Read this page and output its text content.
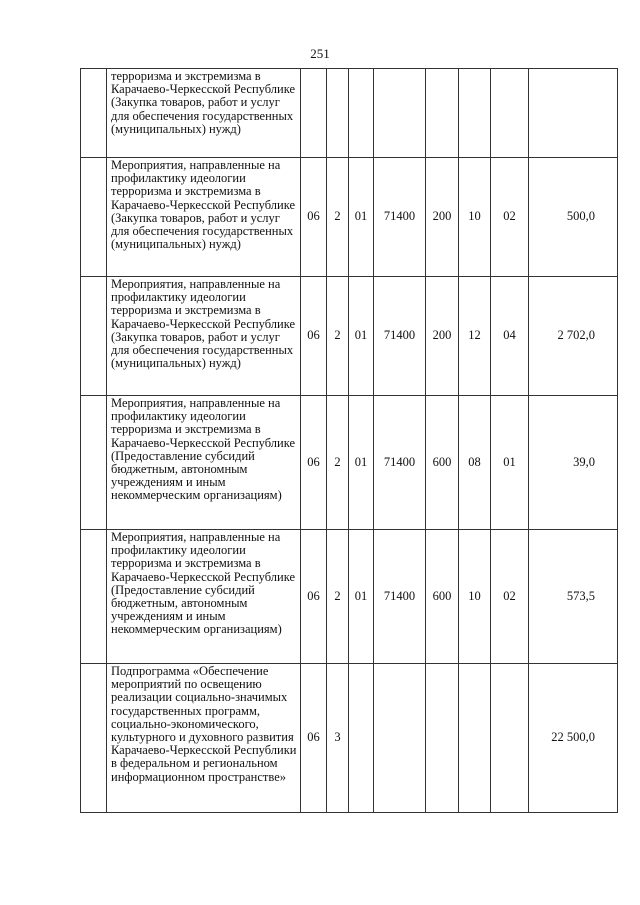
251
	терроризма и экстремизма в Карачаево-Черкесской Республике (Закупка товаров, работ и услуг для обеспечения государственных (муниципальных) нужд)								
	Мероприятия, направленные на профилактику идеологии терроризма и экстремизма в Карачаево-Черкесской Республике (Закупка товаров, работ и услуг для обеспечения государственных (муниципальных) нужд)	06	2	01	71400	200	10	02	500,0
	Мероприятия, направленные на профилактику идеологии терроризма и экстремизма в Карачаево-Черкесской Республике (Закупка товаров, работ и услуг для обеспечения государственных (муниципальных) нужд)	06	2	01	71400	200	12	04	2 702,0
	Мероприятия, направленные на профилактику идеологии терроризма и экстремизма в Карачаево-Черкесской Республике (Предоставление субсидий бюджетным, автономным учреждениям и иным некоммерческим организациям)	06	2	01	71400	600	08	01	39,0
	Мероприятия, направленные на профилактику идеологии терроризма и экстремизма в Карачаево-Черкесской Республике (Предоставление субсидий бюджетным, автономным учреждениям и иным некоммерческим организациям)	06	2	01	71400	600	10	02	573,5
	Подпрограмма «Обеспечение мероприятий по освещению реализации социально-значимых государственных программ, социально-экономического, культурного и духовного развития Карачаево-Черкесской Республики в федеральном и региональном информационном пространстве»	06	3						22 500,0
